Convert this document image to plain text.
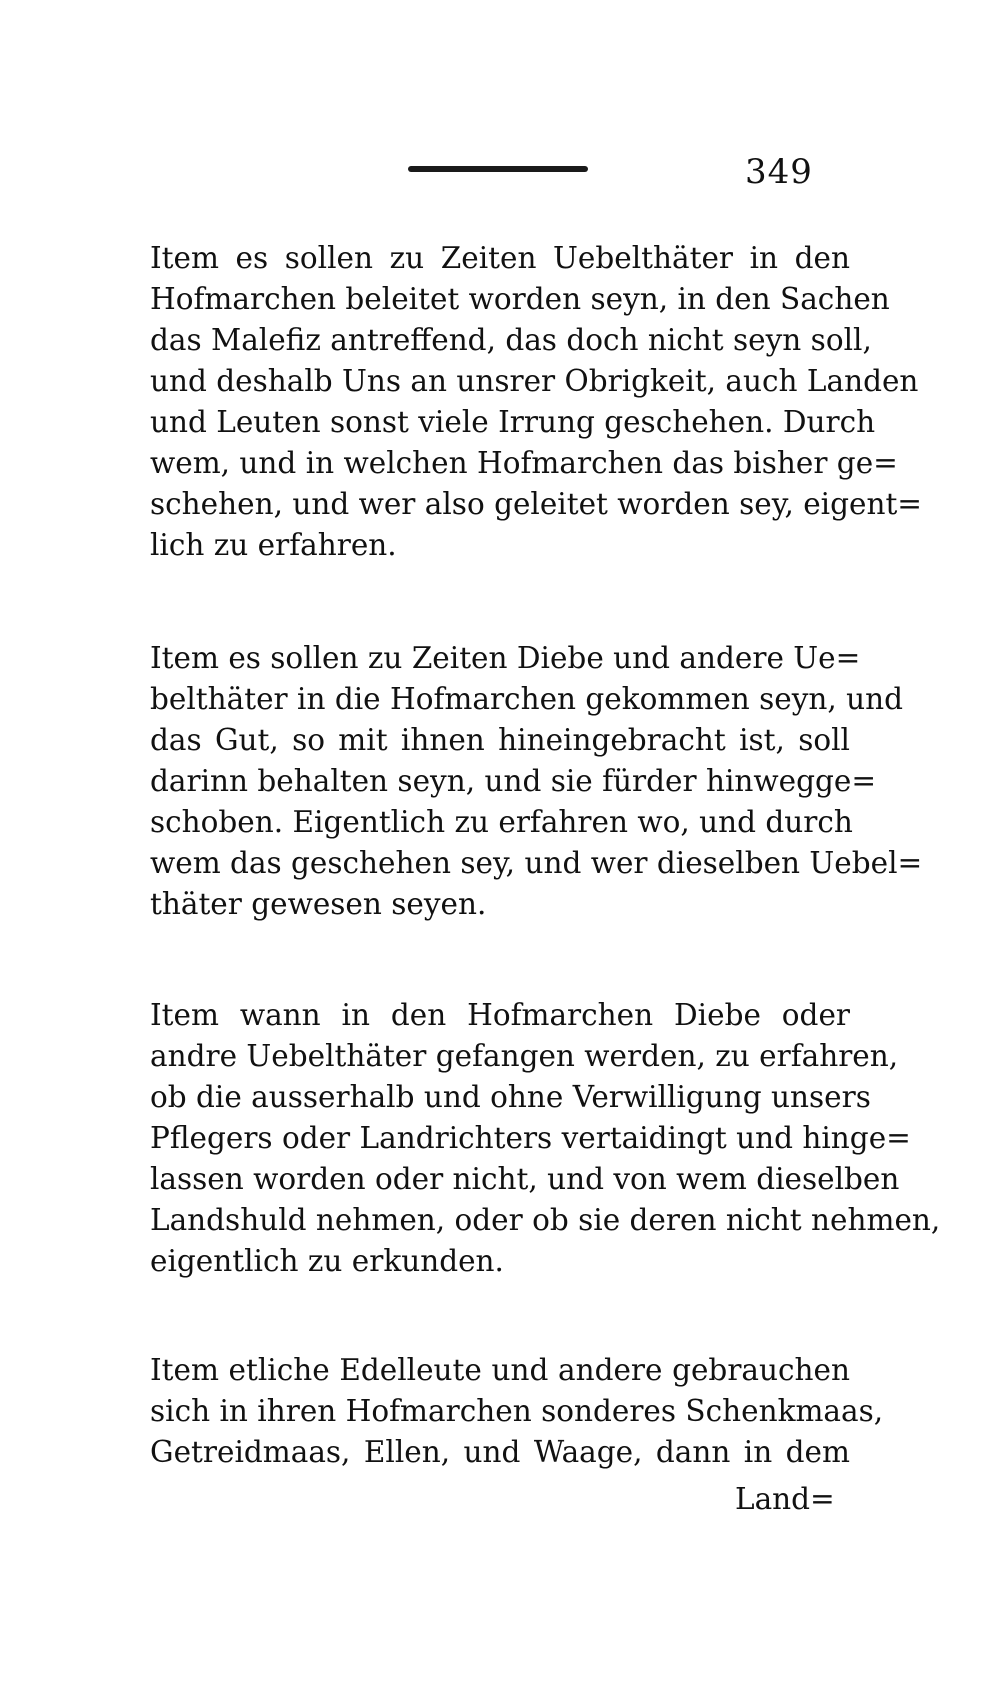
349
Item es sollen zu Zeiten Uebelthäter in den
Hofmarchen beleitet worden seyn, in den Sachen
das Malefiz antreffend, das doch nicht seyn soll,
und deshalb Uns an unsrer Obrigkeit, auch Landen
und Leuten sonst viele Irrung geschehen. Durch
wem, und in welchen Hofmarchen das bisher ge=
schehen, und wer also geleitet worden sey, eigent=
lich zu erfahren.
Item es sollen zu Zeiten Diebe und andere Ue=
belthäter in die Hofmarchen gekommen seyn, und
das Gut, so mit ihnen hineingebracht ist, soll
darinn behalten seyn, und sie fürder hinwegge=
schoben. Eigentlich zu erfahren wo, und durch
wem das geschehen sey, und wer dieselben Uebel=
thäter gewesen seyen.
Item wann in den Hofmarchen Diebe oder
andre Uebelthäter gefangen werden, zu erfahren,
ob die ausserhalb und ohne Verwilligung unsers
Pflegers oder Landrichters vertaidingt und hinge=
lassen worden oder nicht, und von wem dieselben
Landshuld nehmen, oder ob sie deren nicht nehmen,
eigentlich zu erkunden.
Item etliche Edelleute und andere gebrauchen
sich in ihren Hofmarchen sonderes Schenkmaas,
Getreidmaas, Ellen, und Waage, dann in dem
Land=
